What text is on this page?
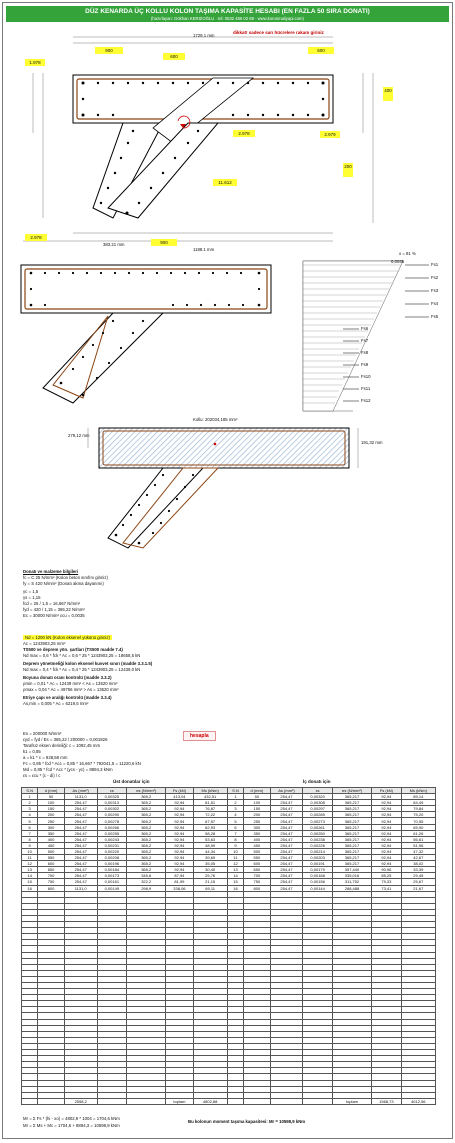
DÜZ KENARDA ÜÇ KOLLU KOLON TAŞIMA KAPASİTE HESABI (EN FAZLA 50 SIRA DONATI)
(hazırlayan: Gökhan KERSİOĞLU · tel: 0532 466 02 88 · www.korunmaliyapi.com)
dikkat! sadece sarı hücrelere rakam giriniz
900
600
600
1.978
400
200
11.612
2.978
900
2.978
2.979
1729.1 mm
383.21 mm
1188.1 mm
x = 81 %
0,0035
Fs1
Fs2
Fs3
Fs4
Fs5
Fs6
Fs7
Fs8
Fs9
Fs10
Fs11
Fs12
Kollu: 202034,185 mm²
279,12 mm
191,32 mm
Donatı ve malzeme bilgileri
fc = C 25 N/mm² (Kolon beton sınıfını giriniz)
fy = S 420 N/mm² (Donatı akma dayanımı)
γc = 1,5
γs = 1,15
fcd = 25 / 1,5 = 16,667 N/mm²
fyd = 420 / 1,15 = 365,22 N/mm²
Ec = 30000 N/mm² εcu = 0,0035
Nd = 1200 kN (Kolon eksenel yükünü giriniz)
Ac = 1243903,25 mm²
TS500 ve deprem yön. şartları (TS500 madde 7.4)
Nd max = 0,6 * fck * Ac = 0,6 * 25 * 1243903,25 = 18658,5 kN
Deprem yönetmeliği kolon eksenel kuvvet sınırı (madde 3.3.1.5)
Nd max = 0,4 * fck * Ac = 0,4 * 25 * 1243903,25 = 12439,0 kN
Boyuna donatı oranı kontrolü (madde 3.3.2)
ρmin = 0,01 * Ac = 12439 mm² < As = 13520 mm²
ρmax = 0,04 * Ac = 49756 mm² > As = 13520 mm²
Etriye çapı ve aralığı kontrolü (madde 3.3.4)
As,min = 0,005 * Ac = 6219,5 mm²
hesapla
Es = 200000 N/mm²
εyd = fyd / Es = 365,22 / 200000 = 0,001826
Tarafsız eksen derinliği: c = 1092,45 mm
k1 = 0,85
a = k1 * c = 928,58 mm
Fc = 0,85 * fcd * Acc = 0,85 * 16,667 * 792041,5 = 11220,6 kN
Md = 0,85 * fcd * Acc * (ycs - yc) = 8894,3 kNm
εs = εcu * (c - di) / c
Üst donatılar için	İç donatı için
S.N	d (mm)	As (mm²)	εs	σs (N/mm²)	Fs (kN)	Ms (kNm)	S.N	d (mm)	As (mm²)	εs	σs (N/mm²)	Fs (kN)	Ms (kNm)
1	50	1131,0	0,00325	365,2	413,04	432,51	1	50	254,47	0,00320	365,217	92,94	89,14
2	100	254,47	0,00313	365,2	92,94	81,51	2	100	254,47	0,00308	365,217	92,94	84,49
3	150	254,47	0,00302	365,2	92,94	76,87	3	150	254,47	0,00297	365,217	92,94	79,84
4	200	254,47	0,00290	365,2	92,94	72,22	4	200	254,47	0,00285	365,217	92,94	75,20
5	250	254,47	0,00278	365,2	92,94	67,57	5	250	254,47	0,00273	365,217	92,94	70,55
6	300	254,47	0,00266	365,2	92,94	62,93	6	300	254,47	0,00261	365,217	92,94	65,90
7	350	254,47	0,00255	365,2	92,94	58,28	7	350	254,47	0,00250	365,217	92,94	61,26
8	400	254,47	0,00243	365,2	92,94	53,63	8	400	254,47	0,00238	365,217	92,94	56,61
9	450	254,47	0,00231	365,2	92,94	48,99	9	450	254,47	0,00226	365,217	92,94	51,96
10	500	254,47	0,00220	365,2	92,94	44,34	10	500	254,47	0,00214	365,217	92,94	47,32
11	550	254,47	0,00208	365,2	92,94	39,69	11	550	254,47	0,00203	365,217	92,94	42,67
12	600	254,47	0,00196	365,2	92,94	35,05	12	600	254,47	0,00191	365,217	92,94	38,02
13	650	254,47	0,00184	365,2	92,94	30,40	13	650	254,47	0,00179	357,440	90,96	33,39
14	700	254,47	0,00173	345,6	87,94	25,76	14	700	254,47	0,00168	335,016	85,25	29,45
15	750	254,47	0,00161	322,2	81,99	21,15	15	750	254,47	0,00156	311,752	79,33	25,67
16	800	1131,0	0,00149	298,9	338,06	69,11	16	800	254,47	0,00144	288,488	73,41	21,67

		2558,2			toplam	4802,88					toplam	1568,73	4012,56
Mr = Σ Fs * (hi - xo) = 4802,9 * 1004 = 1704,6 kNm
Mr = Σ Ms + Mc = 1704,6 + 8894,3 = 10598,9 kNm
Bu kolonun moment taşıma kapasitesi: Mr = 10598,9 kNm
